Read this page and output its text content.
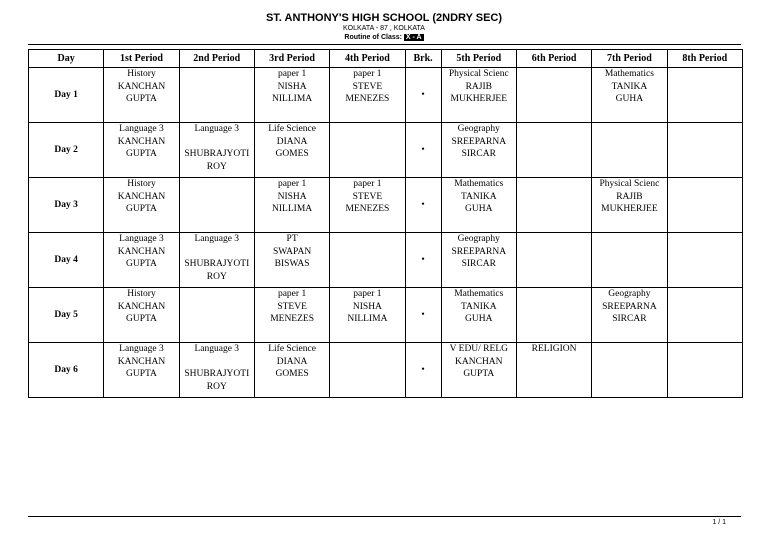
ST. ANTHONY'S HIGH SCHOOL (2NDRY SEC)
KOLKATA - 87 , KOLKATA
Routine of Class: X - A
Day	1st Period	2nd Period	3rd Period	4th Period	Brk.	5th Period	6th Period	7th Period	8th Period
Day 1	History
KANCHAN
GUPTA		paper 1
NISHA
NILLIMA	paper 1
STEVE
MENEZES	•	Physical Scienc
RAJIB
MUKHERJEE		Mathematics
TANIKA
GUHA	

Day 2	Language 3
KANCHAN
GUPTA	Language 3

SHUBRAJYOTI
ROY	Life Science
DIANA
GOMES		•	Geography
SREEPARNA
SIRCAR			

Day 3	History
KANCHAN
GUPTA		paper 1
NISHA
NILLIMA	paper 1
STEVE
MENEZES	•	Mathematics
TANIKA
GUHA		Physical Scienc
RAJIB
MUKHERJEE	

Day 4	Language 3
KANCHAN
GUPTA	Language 3

SHUBRAJYOTI
ROY	PT
SWAPAN
BISWAS		•	Geography
SREEPARNA
SIRCAR			

Day 5	History
KANCHAN
GUPTA		paper 1
STEVE
MENEZES	paper 1
NISHA
NILLIMA	•	Mathematics
TANIKA
GUHA		Geography
SREEPARNA
SIRCAR	

Day 6	Language 3
KANCHAN
GUPTA	Language 3

SHUBRAJYOTI
ROY	Life Science
DIANA
GOMES		•	V EDU/ RELG
KANCHAN
GUPTA	RELIGION		

1 / 1
